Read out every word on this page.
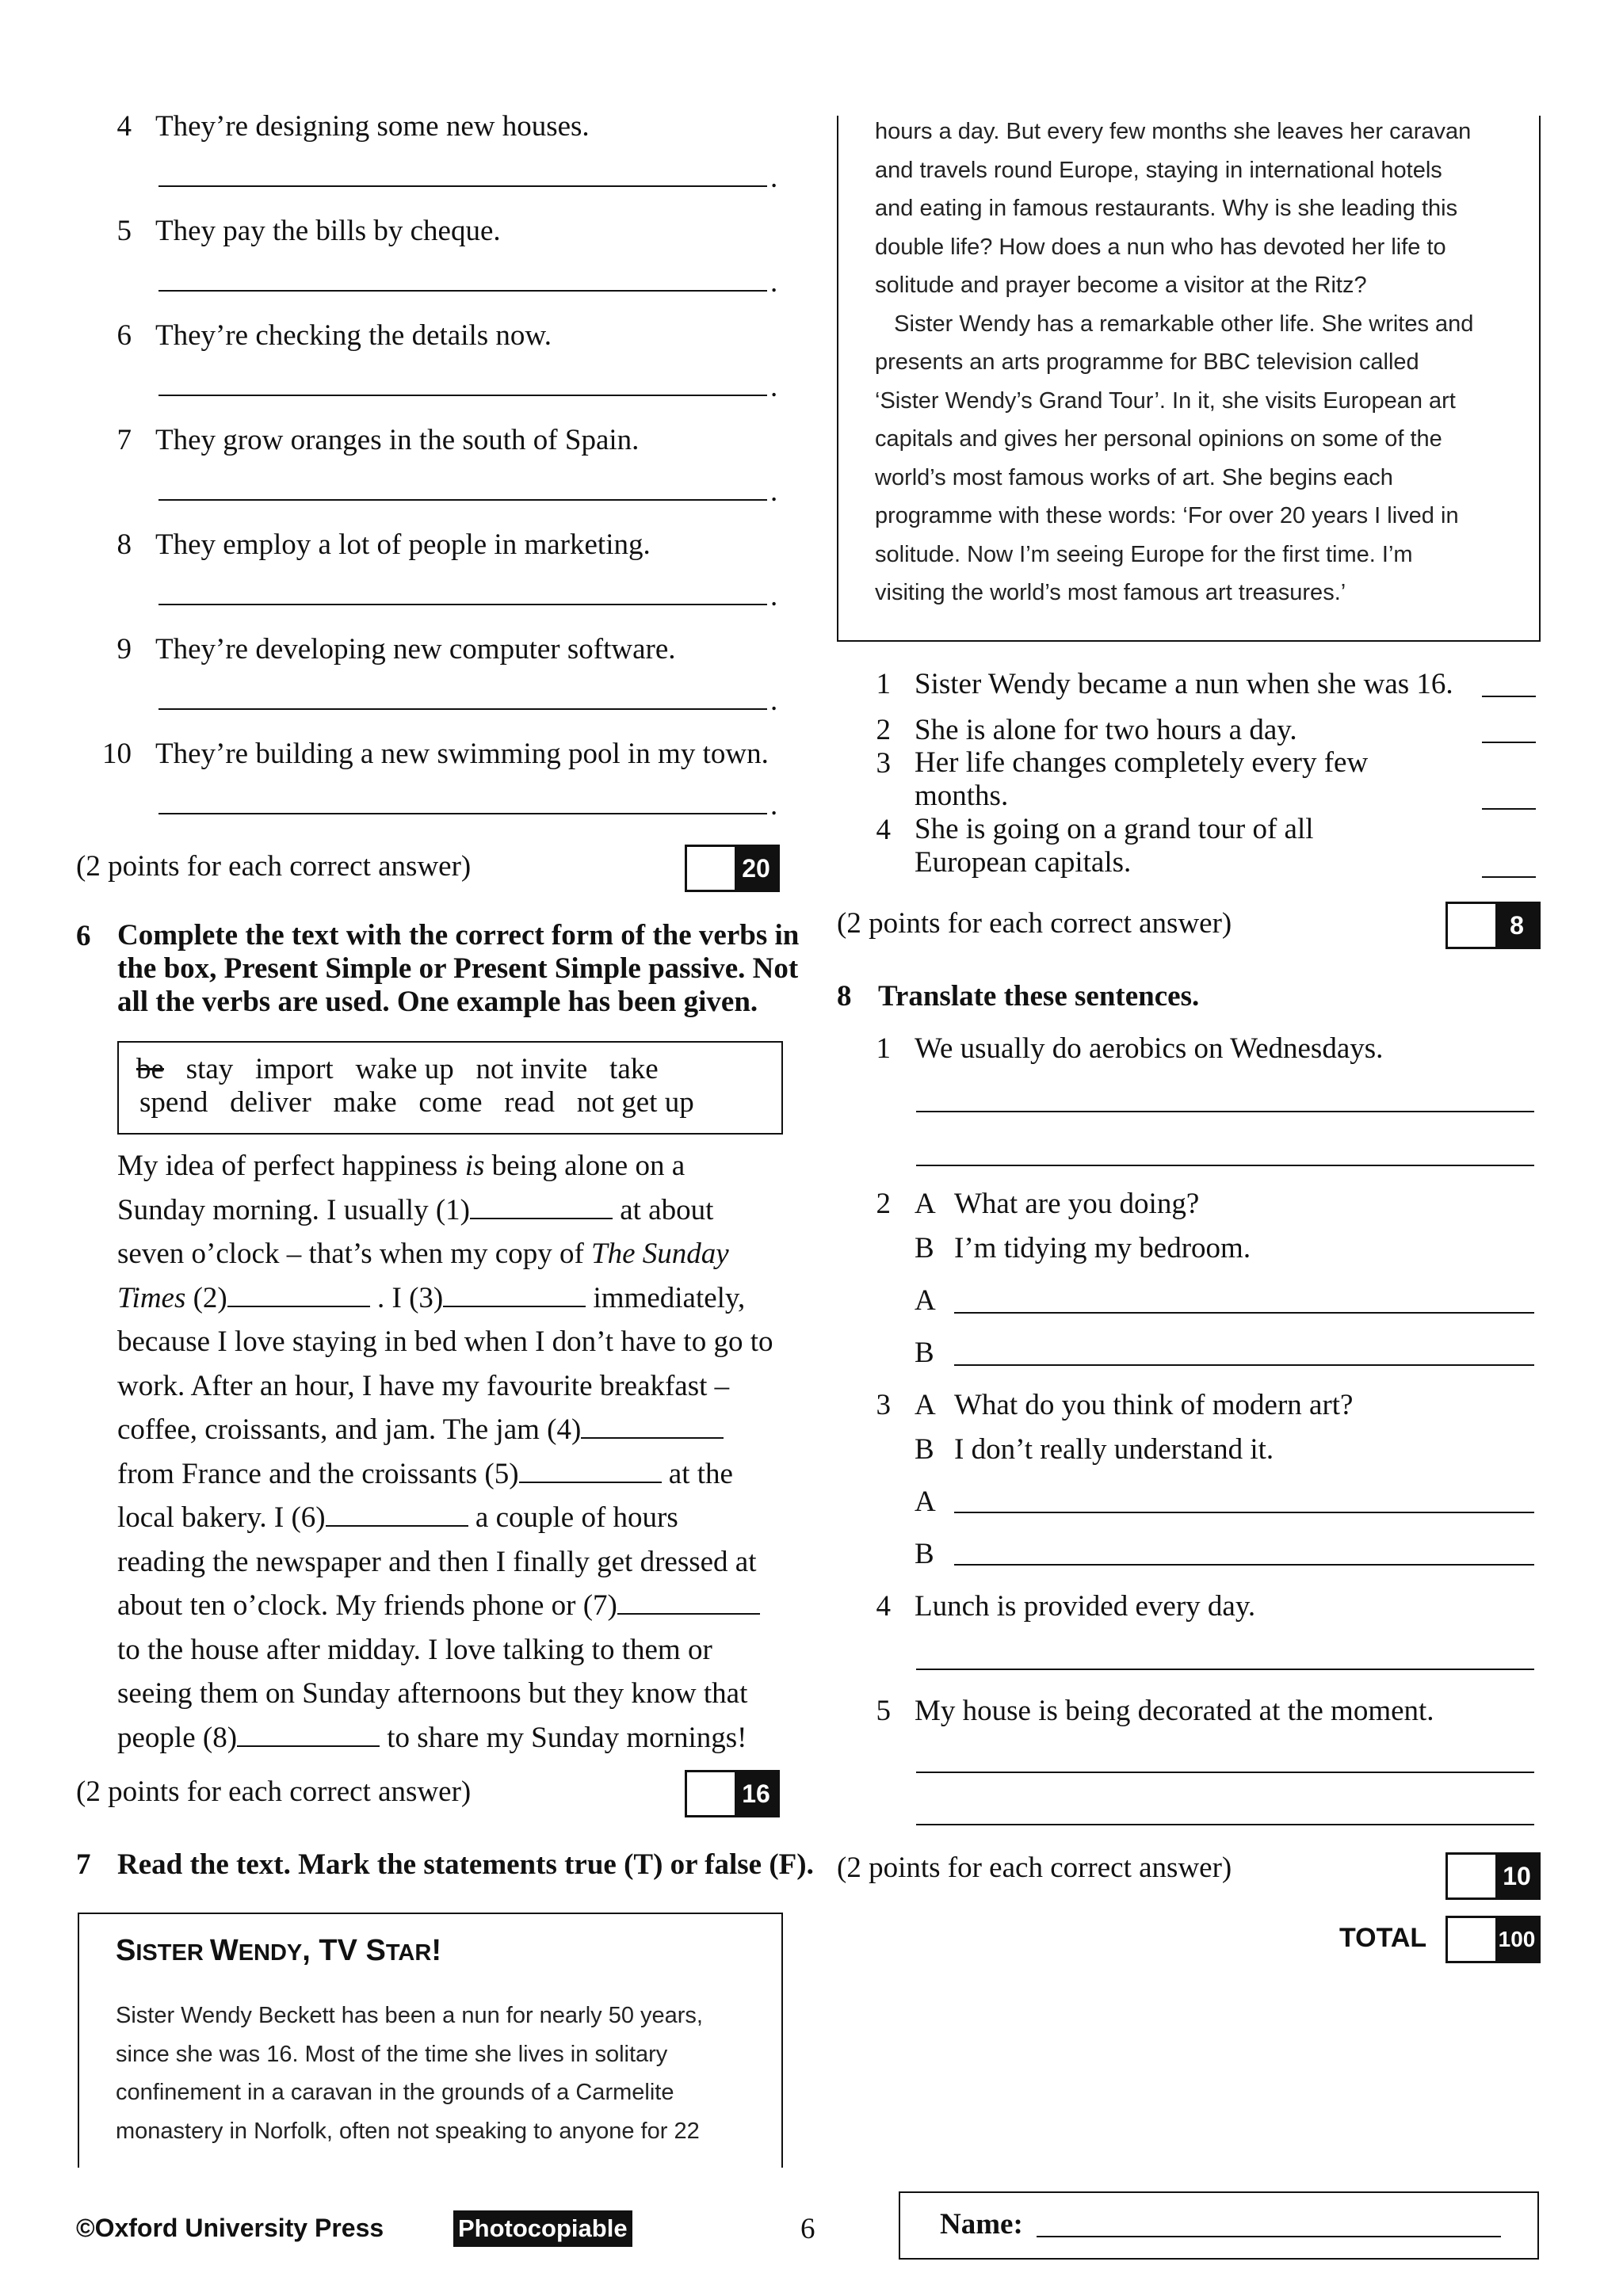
4 They’re designing some new houses.
.
5 They pay the bills by cheque.
.
6 They’re checking the details now.
.
7 They grow oranges in the south of Spain.
.
8 They employ a lot of people in marketing.
.
9 They’re developing new computer software.
.
10 They’re building a new swimming pool in my town.
.
(2 points for each correct answer)	20
6 Complete the text with the correct form of the verbs in
the box, Present Simple or Present Simple passive. Not
all the verbs are used. One example has been given.
be stay   import   wake up   not invite   take
spend   deliver   make   come   read   not get up
My idea of perfect happiness is being alone on a
Sunday morning. I usually (1)	at about
seven o’clock – that’s when my copy of The Sunday
Times (2)	. I (3)	immediately,
because I love staying in bed when I don’t have to go to
work. After an hour, I have my favourite breakfast –
coffee, croissants, and jam. The jam (4)
from France and the croissants (5)	at the
local bakery. I (6)	a couple of hours
reading the newspaper and then I finally get dressed at
about ten o’clock. My friends phone or (7)
to the house after midday. I love talking to them or
seeing them on Sunday afternoons but they know that
people (8)	to share my Sunday mornings!
(2 points for each correct answer)	16
7 Read the text. Mark the statements true (T) or false (F).
SISTER WENDY, TV STAR!
Sister Wendy Beckett has been a nun for nearly 50 years,
since she was 16. Most of the time she lives in solitary
confinement in a caravan in the grounds of a Carmelite
monastery in Norfolk, often not speaking to anyone for 22
hours a day. But every few months she leaves her caravan
and travels round Europe, staying in international hotels
and eating in famous restaurants. Why is she leading this
double life? How does a nun who has devoted her life to
solitude and prayer become a visitor at the Ritz?
Sister Wendy has a remarkable other life. She writes and
presents an arts programme for BBC television called
‘Sister Wendy’s Grand Tour’. In it, she visits European art
capitals and gives her personal opinions on some of the
world’s most famous works of art. She begins each
programme with these words: ‘For over 20 years I lived in
solitude. Now I’m seeing Europe for the first time. I’m
visiting the world’s most famous art treasures.’
1 Sister Wendy became a nun when she was 16.
2 She is alone for two hours a day.
3 Her life changes completely every few
months.
4 She is going on a grand tour of all
European capitals.
(2 points for each correct answer)	8
8 Translate these sentences.
1 We usually do aerobics on Wednesdays.
2 A What are you doing?
B I’m tidying my bedroom.
A
B
3 A What do you think of modern art?
B I don’t really understand it.
A
B
4 Lunch is provided every day.
5 My house is being decorated at the moment.
(2 points for each correct answer)	10
TOTAL	100
©Oxford University Press	Photocopiable	6	Name:
